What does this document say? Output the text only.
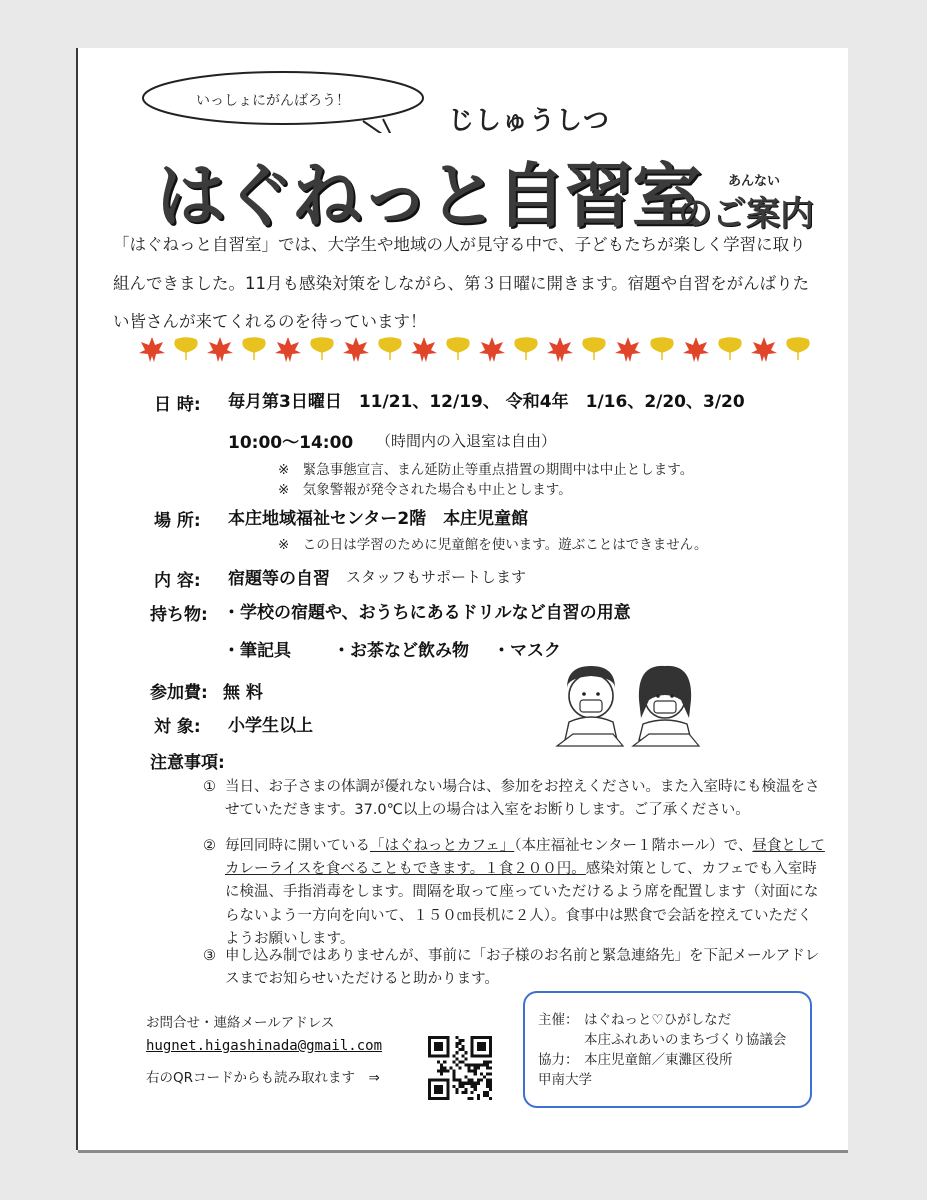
いっしょにがんばろう！
じしゅうしつ
はぐねっと自習室 あんない
のご案内
「はぐねっと自習室」では、大学生や地域の人が見守る中で、子どもたちが楽しく学習に取り
組んできました。11月も感染対策をしながら、第３日曜に開きます。宿題や自習をがんばりた
い皆さんが来てくれるのを待っています！
日 時: 毎月第3日曜日　11/21、12/19、 令和4年　1/16、2/20、3/20
10:00～14:00 （時間内の入退室は自由）
※　緊急事態宣言、まん延防止等重点措置の期間中は中止とします。
※　気象警報が発令された場合も中止とします。
場 所: 本庄地域福祉センター2階　本庄児童館
※　この日は学習のために児童館を使います。遊ぶことはできません。
内 容: 宿題等の自習 スタッフもサポートします
持ち物: ・学校の宿題や、おうちにあるドリルなど自習の用意
・筆記具 ・お茶など飲み物 ・マスク
参加費: 無 料
対 象: 小学生以上
注意事項:
① 当日、お子さまの体調が優れない場合は、参加をお控えください。また入室時にも検温をさせていただきます。37.0℃以上の場合は入室をお断りします。ご了承ください。
② 毎回同時に開いている「はぐねっとカフェ」（本庄福祉センター１階ホール）で、昼食としてカレーライスを食べることもできます。１食２００円。感染対策として、カフェでも入室時に検温、手指消毒をします。間隔を取って座っていただけるよう席を配置します（対面にならないよう一方向を向いて、１５０㎝長机に２人）。食事中は黙食で会話を控えていただくようお願いします。
③ 申し込み制ではありませんが、事前に「お子様のお名前と緊急連絡先」を下記メールアドレスまでお知らせいただけると助かります。
お問合せ・連絡メールアドレス
hugnet.higashinada@gmail.com
右のQRコードからも読み取れます　⇒
主催： はぐねっと♡ひがしなだ
本庄ふれあいのまちづくり協議会
協力： 本庄児童館／東灘区役所
甲南大学
